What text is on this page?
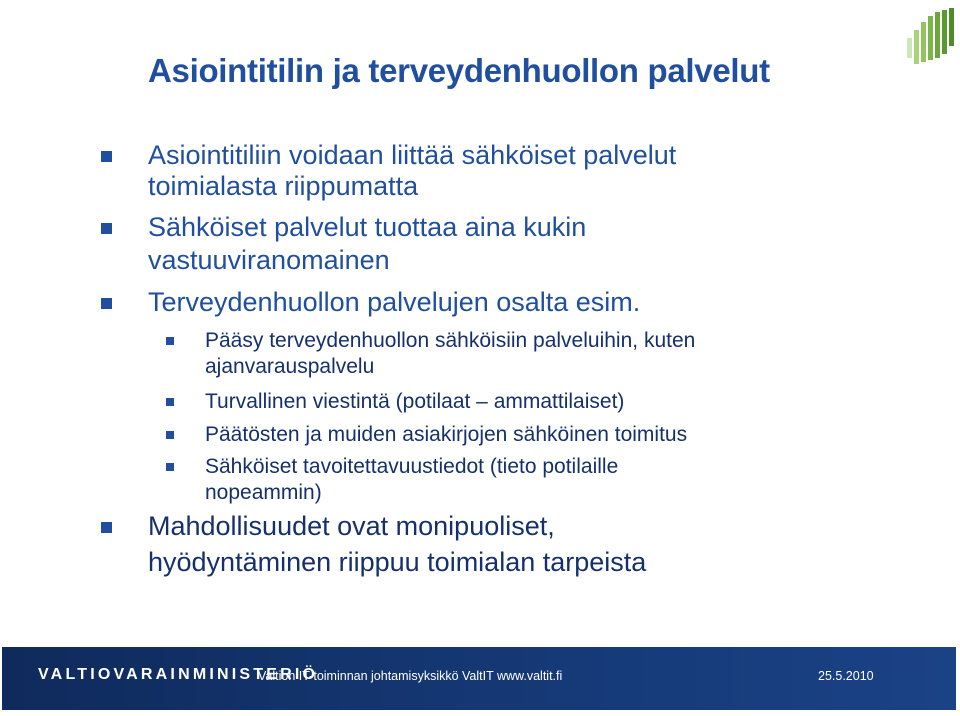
Asiointitilin ja terveydenhuollon palvelut
Asiointitiliin voidaan liittää sähköiset palvelut
toimialasta riippumatta
Sähköiset palvelut tuottaa aina kukin
vastuuviranomainen
Terveydenhuollon palvelujen osalta esim.
Pääsy terveydenhuollon sähköisiin palveluihin, kuten
ajanvarauspalvelu
Turvallinen viestintä (potilaat – ammattilaiset)
Päätösten ja muiden asiakirjojen sähköinen toimitus
Sähköiset tavoitettavuustiedot (tieto potilaille
nopeammin)
Mahdollisuudet ovat monipuoliset,
hyödyntäminen riippuu toimialan tarpeista
VALTIOVARAINMINISTERIÖ
Valtion IT-toiminnan johtamisyksikkö ValtIT www.valtit.fi	25.5.2010
